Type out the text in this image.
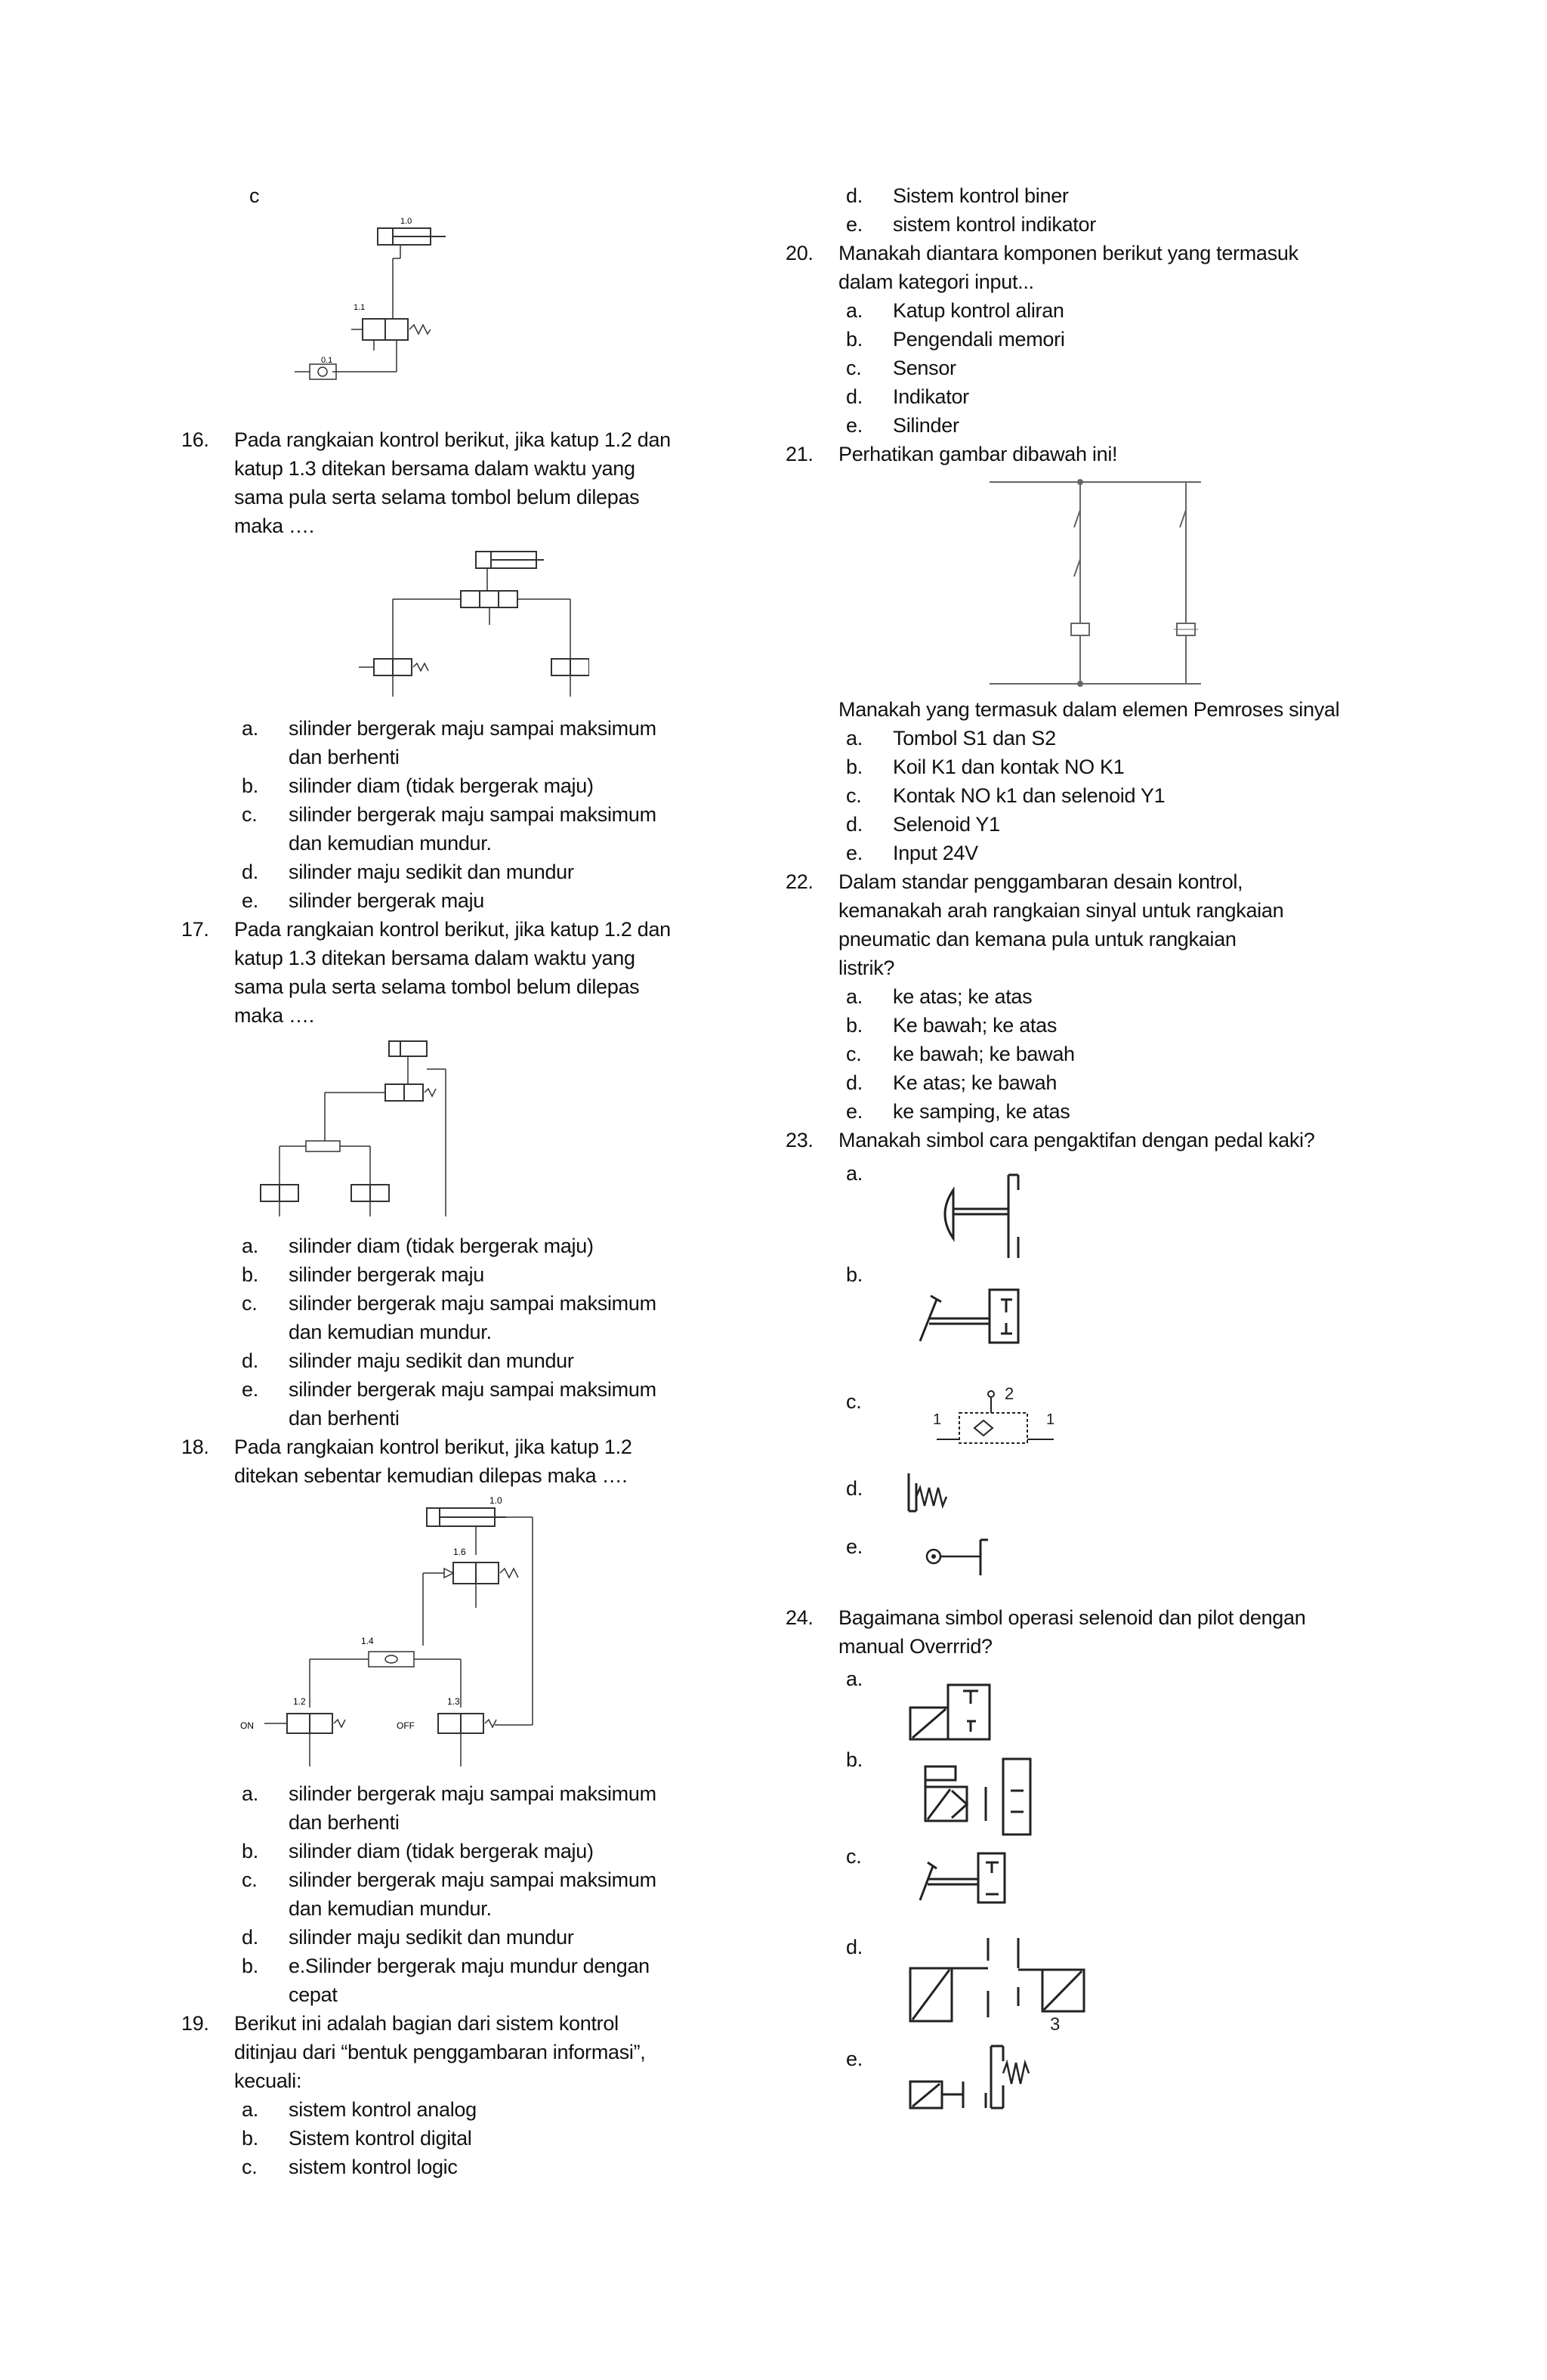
c
1.0
1.1
0.1
16. Pada rangkaian kontrol berikut, jika katup 1.2 dan
katup 1.3 ditekan bersama dalam waktu yang
sama pula serta selama tombol belum dilepas
maka ….
a. silinder bergerak maju sampai maksimum
dan berhenti
b. silinder diam (tidak bergerak maju)
c. silinder bergerak maju sampai maksimum
dan kemudian mundur.
d. silinder maju sedikit dan mundur
e. silinder bergerak maju
17. Pada rangkaian kontrol berikut, jika katup 1.2 dan
katup 1.3 ditekan bersama dalam waktu yang
sama pula serta selama tombol belum dilepas
maka ….
a. silinder diam (tidak bergerak maju)
b. silinder bergerak maju
c. silinder bergerak maju sampai maksimum
dan kemudian mundur.
d. silinder maju sedikit dan mundur
e. silinder bergerak maju sampai maksimum
dan berhenti
18. Pada rangkaian kontrol berikut, jika katup 1.2
ditekan sebentar kemudian dilepas maka ….
1.0
1.6
1.4
1.2	1.3
ON	OFF
a. silinder bergerak maju sampai maksimum
dan berhenti
b. silinder diam (tidak bergerak maju)
c. silinder bergerak maju sampai maksimum
dan kemudian mundur.
d. silinder maju sedikit dan mundur
b. e.Silinder bergerak maju mundur dengan
cepat
19. Berikut ini adalah bagian dari sistem kontrol
ditinjau dari “bentuk penggambaran informasi”,
kecuali:
a. sistem kontrol analog
b. Sistem kontrol digital
c. sistem kontrol logic
d. Sistem kontrol biner
e. sistem kontrol indikator
20. Manakah diantara komponen berikut yang termasuk
dalam kategori input...
a. Katup kontrol aliran
b. Pengendali memori
c. Sensor
d. Indikator
e. Silinder
21. Perhatikan gambar dibawah ini!
Manakah yang termasuk dalam elemen Pemroses sinyal
a. Tombol S1 dan S2
b. Koil K1 dan kontak NO K1
c. Kontak NO k1 dan selenoid Y1
d. Selenoid Y1
e. Input 24V
22. Dalam standar penggambaran desain kontrol,
kemanakah arah rangkaian sinyal untuk rangkaian
pneumatic dan kemana pula untuk rangkaian
listrik?
a. ke atas; ke atas
b. Ke bawah; ke atas
c. ke bawah; ke bawah
d. Ke atas; ke bawah
e. ke samping, ke atas
23. Manakah simbol cara pengaktifan dengan pedal kaki?
a.
b.
c.	2
1	1
d.
e.
24. Bagaimana simbol operasi selenoid dan pilot dengan
manual Overrrid?
a.
b.
c.
d.
3
e.
